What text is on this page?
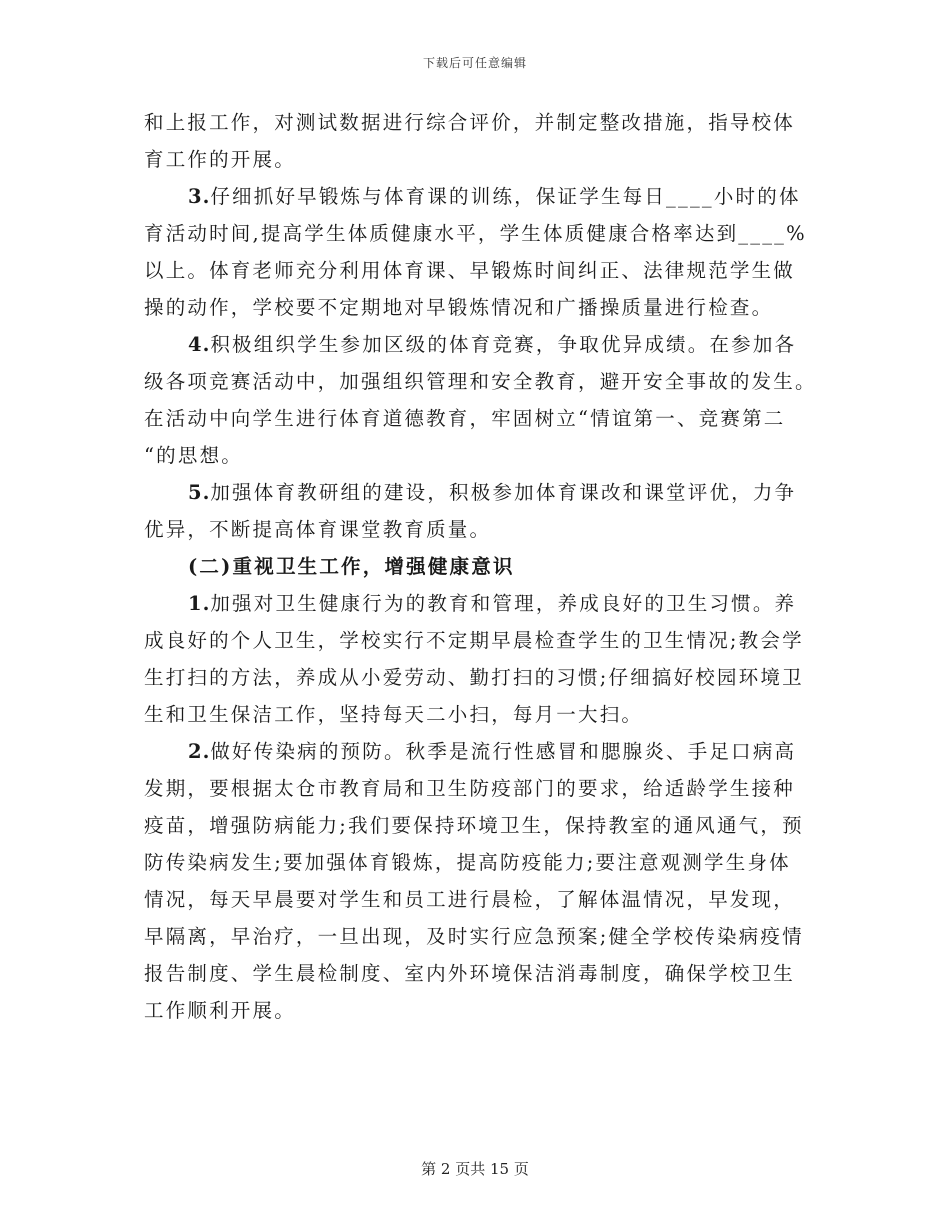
下载后可任意编辑
和上报工作，对测试数据进行综合评价，并制定整改措施，指导校体
育工作的开展。
3.仔细抓好早锻炼与体育课的训练，保证学生每日____小时的体
育活动时间,提高学生体质健康水平，学生体质健康合格率达到____%
以上。体育老师充分利用体育课、早锻炼时间纠正、法律规范学生做
操的动作，学校要不定期地对早锻炼情况和广播操质量进行检查。
4.积极组织学生参加区级的体育竞赛，争取优异成绩。在参加各
级各项竞赛活动中，加强组织管理和安全教育，避开安全事故的发生。
在活动中向学生进行体育道德教育，牢固树立“情谊第一、竞赛第二
“的思想。
5.加强体育教研组的建设，积极参加体育课改和课堂评优，力争
优异，不断提高体育课堂教育质量。
(二)重视卫生工作，增强健康意识
1.加强对卫生健康行为的教育和管理，养成良好的卫生习惯。养
成良好的个人卫生，学校实行不定期早晨检查学生的卫生情况;教会学
生打扫的方法，养成从小爱劳动、勤打扫的习惯;仔细搞好校园环境卫
生和卫生保洁工作，坚持每天二小扫，每月一大扫。
2.做好传染病的预防。秋季是流行性感冒和腮腺炎、手足口病高
发期，要根据太仓市教育局和卫生防疫部门的要求，给适龄学生接种
疫苗，增强防病能力;我们要保持环境卫生，保持教室的通风通气，预
防传染病发生;要加强体育锻炼，提高防疫能力;要注意观测学生身体
情况，每天早晨要对学生和员工进行晨检，了解体温情况，早发现，
早隔离，早治疗，一旦出现，及时实行应急预案;健全学校传染病疫情
报告制度、学生晨检制度、室内外环境保洁消毒制度，确保学校卫生
工作顺利开展。
第 2 页共 15 页
